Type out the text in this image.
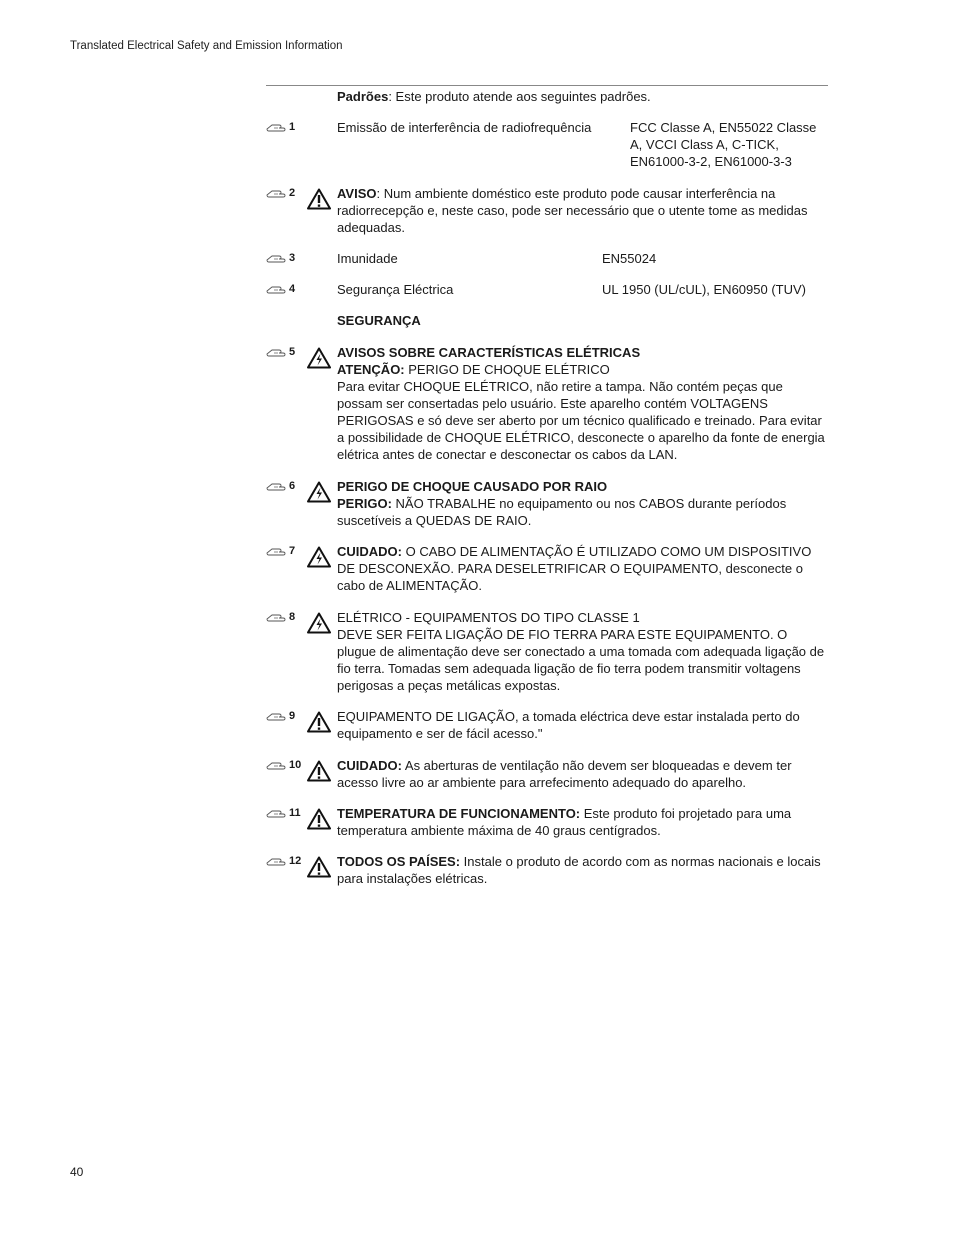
Translated Electrical Safety and Emission Information
Padrões: Este produto atende aos seguintes padrões.
1	Emissão de interferência de radiofrequência	FCC Classe A, EN55022 Classe A, VCCI Class A, C-TICK, EN61000-3-2, EN61000-3-3
2	AVISO: Num ambiente doméstico este produto pode causar interferência na radiorrecepção e, neste caso, pode ser necessário que o utente tome as medidas adequadas.
3	Imunidade	EN55024
4	Segurança Eléctrica	UL 1950 (UL/cUL), EN60950 (TUV)
SEGURANÇA
5	AVISOS SOBRE CARACTERÍSTICAS ELÉTRICAS

ATENÇÃO: PERIGO DE CHOQUE ELÉTRICO

Para evitar CHOQUE ELÉTRICO, não retire a tampa. Não contém peças que possam ser consertadas pelo usuário. Este aparelho contém VOLTAGENS PERIGOSAS e só deve ser aberto por um técnico qualificado e treinado. Para evitar a possibilidade de CHOQUE ELÉTRICO, desconecte o aparelho da fonte de energia elétrica antes de conectar e desconectar os cabos da LAN.

6	PERIGO DE CHOQUE CAUSADO POR RAIO

PERIGO: NÃO TRABALHE no equipamento ou nos CABOS durante períodos suscetíveis a QUEDAS DE RAIO.

7	CUIDADO: O CABO DE ALIMENTAÇÃO É UTILIZADO COMO UM DISPOSITIVO DE DESCONEXÃO. PARA DESELETRIFICAR O EQUIPAMENTO, desconecte o cabo de ALIMENTAÇÃO.
8	ELÉTRICO - EQUIPAMENTOS DO TIPO CLASSE 1

DEVE SER FEITA LIGAÇÃO DE FIO TERRA PARA ESTE EQUIPAMENTO. O plugue de alimentação deve ser conectado a uma tomada com adequada ligação de fio terra. Tomadas sem adequada ligação de fio terra podem transmitir voltagens perigosas a peças metálicas expostas.

9	EQUIPAMENTO DE LIGAÇÃO, a tomada eléctrica deve estar instalada perto do equipamento e ser de fácil acesso."
10	CUIDADO: As aberturas de ventilação não devem ser bloqueadas e devem ter acesso livre ao ar ambiente para arrefecimento adequado do aparelho.
11	TEMPERATURA DE FUNCIONAMENTO: Este produto foi projetado para uma temperatura ambiente máxima de 40 graus centígrados.
12	TODOS OS PAÍSES: Instale o produto de acordo com as normas nacionais e locais para instalações elétricas.
40
